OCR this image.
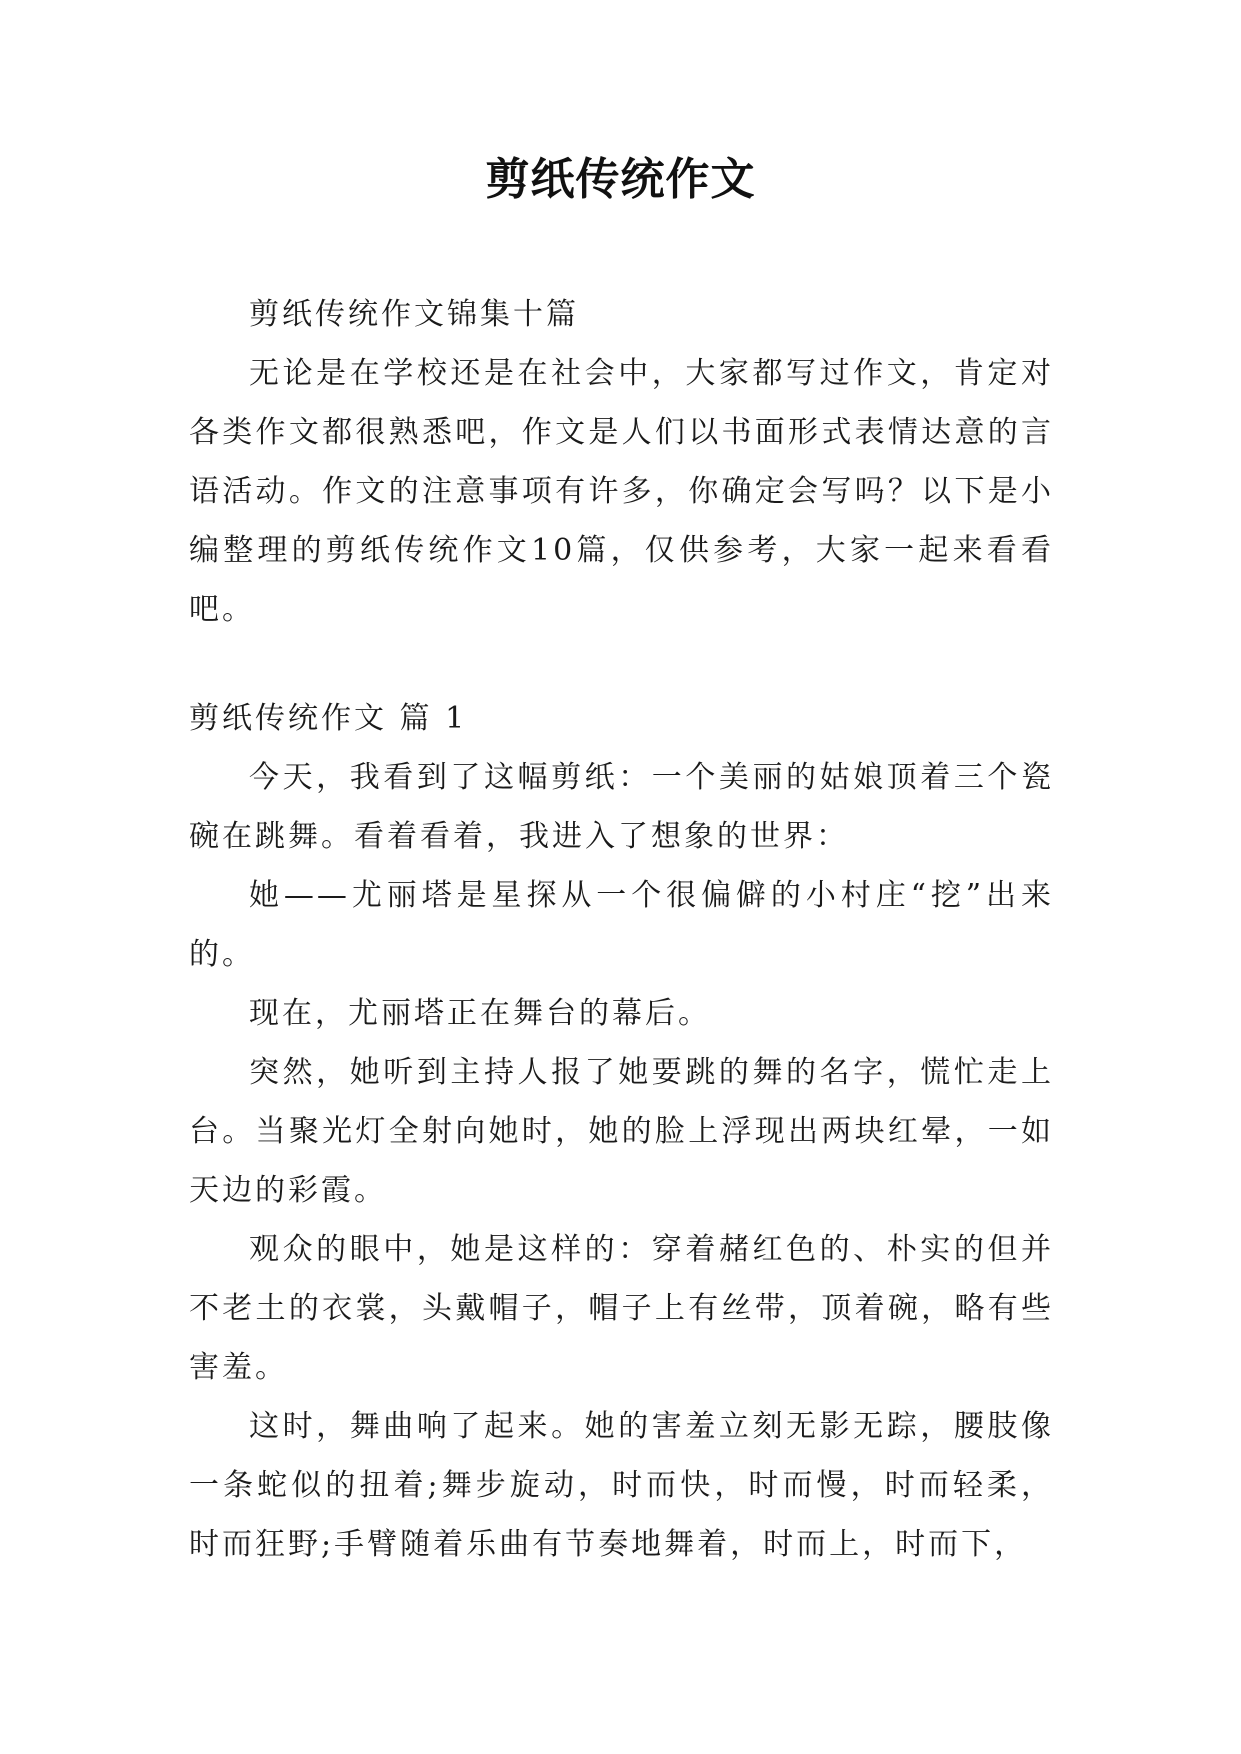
剪纸传统作文

剪纸传统作文锦集十篇

无论是在学校还是在社会中，大家都写过作文，肯定对各类作文都很熟悉吧，作文是人们以书面形式表情达意的言语活动。作文的注意事项有许多，你确定会写吗？以下是小编整理的剪纸传统作文10篇，仅供参考，大家一起来看看吧。

剪纸传统作文 篇 1

今天，我看到了这幅剪纸：一个美丽的姑娘顶着三个瓷碗在跳舞。看着看着，我进入了想象的世界：

她——尤丽塔是星探从一个很偏僻的小村庄“挖”出来的。

现在，尤丽塔正在舞台的幕后。

突然，她听到主持人报了她要跳的舞的名字，慌忙走上台。当聚光灯全射向她时，她的脸上浮现出两块红晕，一如天边的彩霞。

观众的眼中，她是这样的：穿着赭红色的、朴实的但并不老土的衣裳，头戴帽子，帽子上有丝带，顶着碗，略有些害羞。

这时，舞曲响了起来。她的害羞立刻无影无踪，腰肢像一条蛇似的扭着;舞步旋动，时而快，时而慢，时而轻柔，时而狂野;手臂随着乐曲有节奏地舞着，时而上，时而下，
